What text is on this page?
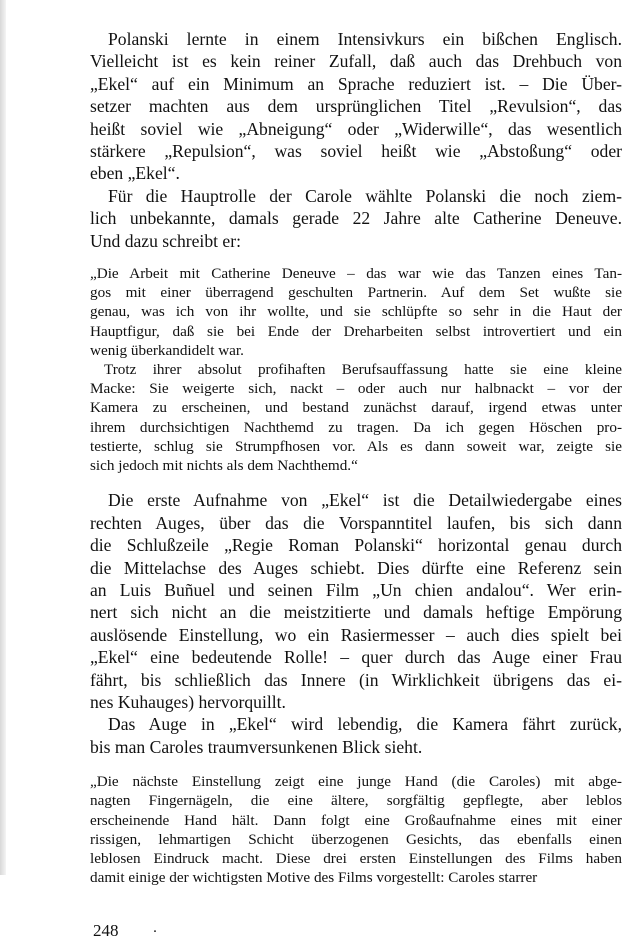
Polanski lernte in einem Intensivkurs ein bißchen Englisch.
Vielleicht ist es kein reiner Zufall, daß auch das Drehbuch von
„Ekel“ auf ein Minimum an Sprache reduziert ist. – Die Über-
setzer machten aus dem ursprünglichen Titel „Revulsion“, das
heißt soviel wie „Abneigung“ oder „Widerwille“, das wesentlich
stärkere „Repulsion“, was soviel heißt wie „Abstoßung“ oder
eben „Ekel“.

Für die Hauptrolle der Carole wählte Polanski die noch ziem-
lich unbekannte, damals gerade 22 Jahre alte Catherine Deneuve.
Und dazu schreibt er:

„Die Arbeit mit Catherine Deneuve – das war wie das Tanzen eines Tan-
gos mit einer überragend geschulten Partnerin. Auf dem Set wußte sie
genau, was ich von ihr wollte, und sie schlüpfte so sehr in die Haut der
Hauptfigur, daß sie bei Ende der Dreharbeiten selbst introvertiert und ein
wenig überkandidelt war.

Trotz ihrer absolut profihaften Berufsauffassung hatte sie eine kleine
Macke: Sie weigerte sich, nackt – oder auch nur halbnackt – vor der
Kamera zu erscheinen, und bestand zunächst darauf, irgend etwas unter
ihrem durchsichtigen Nachthemd zu tragen. Da ich gegen Höschen pro-
testierte, schlug sie Strumpfhosen vor. Als es dann soweit war, zeigte sie
sich jedoch mit nichts als dem Nachthemd.“

Die erste Aufnahme von „Ekel“ ist die Detailwiedergabe eines
rechten Auges, über das die Vorspanntitel laufen, bis sich dann
die Schlußzeile „Regie Roman Polanski“ horizontal genau durch
die Mittelachse des Auges schiebt. Dies dürfte eine Referenz sein
an Luis Buñuel und seinen Film „Un chien andalou“. Wer erin-
nert sich nicht an die meistzitierte und damals heftige Empörung
auslösende Einstellung, wo ein Rasiermesser – auch dies spielt bei
„Ekel“ eine bedeutende Rolle! – quer durch das Auge einer Frau
fährt, bis schließlich das Innere (in Wirklichkeit übrigens das ei-
nes Kuhauges) hervorquillt.

Das Auge in „Ekel“ wird lebendig, die Kamera fährt zurück,
bis man Caroles traumversunkenen Blick sieht.

„Die nächste Einstellung zeigt eine junge Hand (die Caroles) mit abge-
nagten Fingernägeln, die eine ältere, sorgfältig gepflegte, aber leblos
erscheinende Hand hält. Dann folgt eine Großaufnahme eines mit einer
rissigen, lehmartigen Schicht überzogenen Gesichts, das ebenfalls einen
leblosen Eindruck macht. Diese drei ersten Einstellungen des Films haben
damit einige der wichtigsten Motive des Films vorgestellt: Caroles starrer

248 ·
